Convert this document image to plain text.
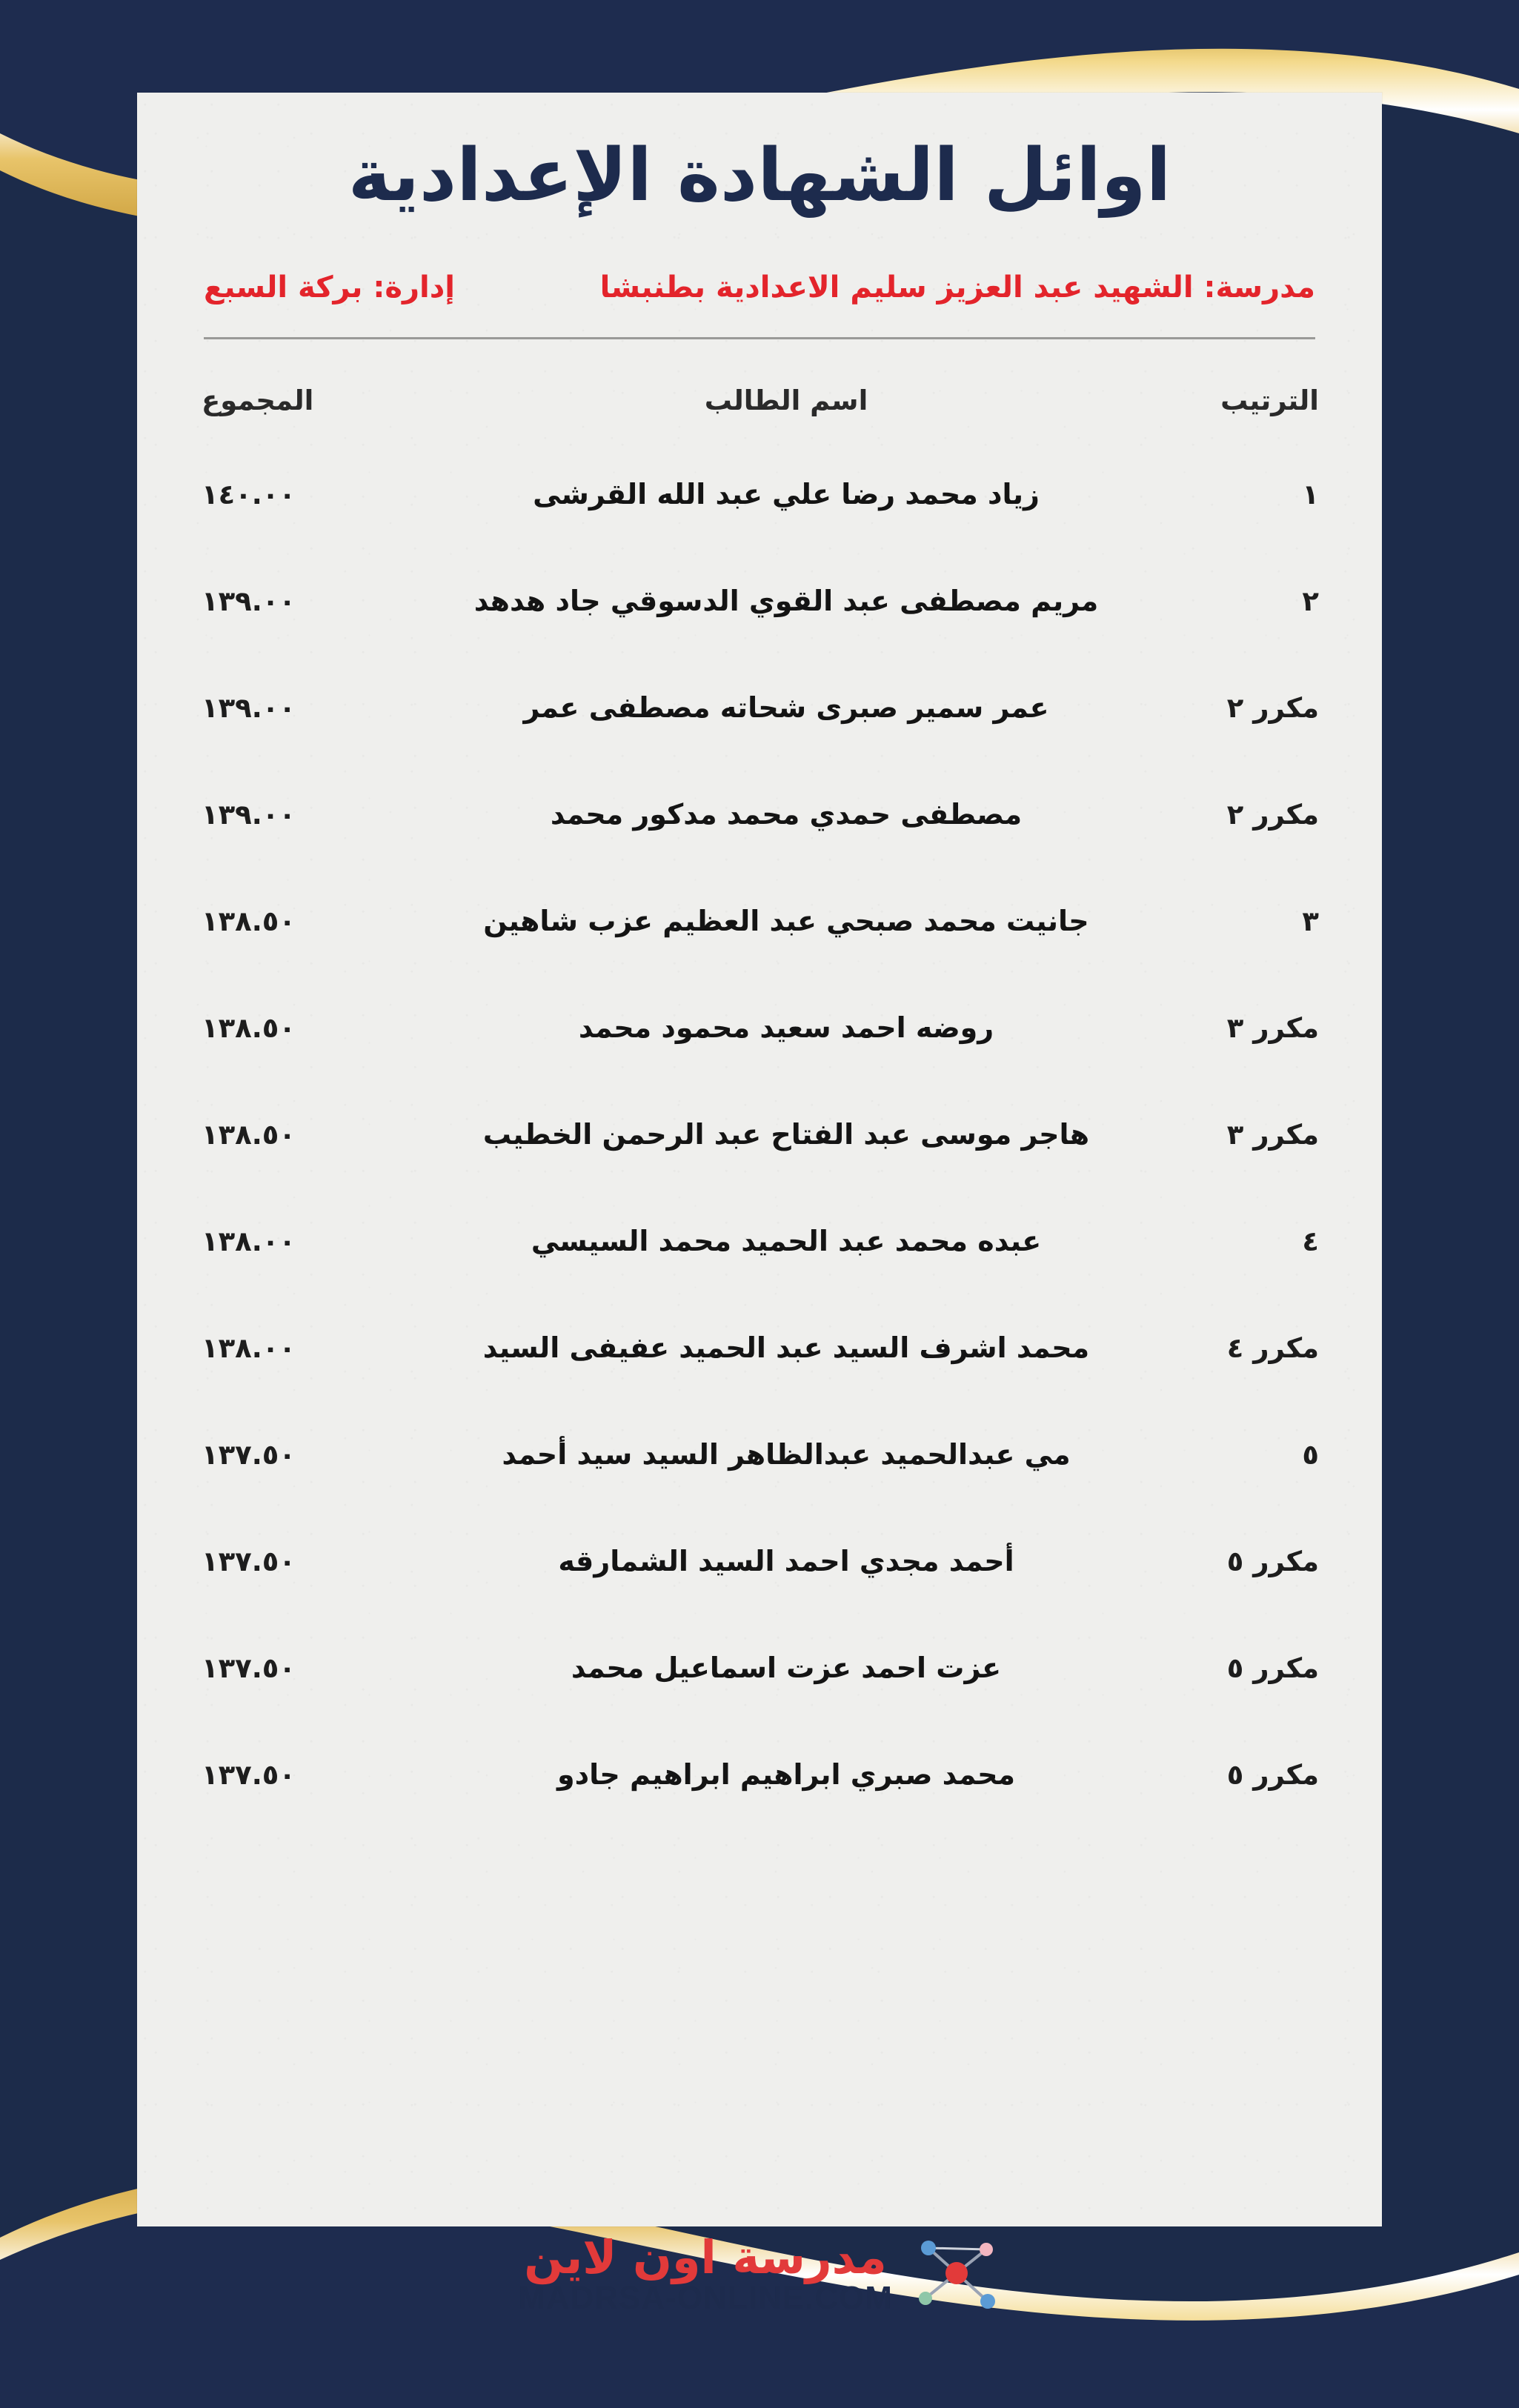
اوائل الشهادة الإعدادية
مدرسة: الشهيد عبد العزيز سليم الاعدادية بطنبشا
إدارة: بركة السبع
الترتيب
اسم الطالب
المجموع
١
زياد محمد رضا علي عبد الله القرشى
١٤٠.٠٠
٢
مريم مصطفى عبد القوي الدسوقي جاد هدهد
١٣٩.٠٠
مكرر ٢
عمر سمير صبرى شحاته مصطفى عمر
١٣٩.٠٠
مكرر ٢
مصطفى حمدي محمد مدكور محمد
١٣٩.٠٠
٣
جانيت محمد صبحي عبد العظيم عزب شاهين
١٣٨.٥٠
مكرر ٣
روضه احمد سعيد محمود محمد
١٣٨.٥٠
مكرر ٣
هاجر موسى عبد الفتاح عبد الرحمن الخطيب
١٣٨.٥٠
٤
عبده محمد عبد الحميد محمد السيسي
١٣٨.٠٠
مكرر ٤
محمد اشرف السيد عبد الحميد عفيفى السيد
١٣٨.٠٠
٥
مي عبدالحميد عبدالظاهر السيد سيد أحمد
١٣٧.٥٠
مكرر ٥
أحمد مجدي احمد السيد الشمارقه
١٣٧.٥٠
مكرر ٥
عزت احمد عزت اسماعيل محمد
١٣٧.٥٠
مكرر ٥
محمد صبري ابراهيم ابراهيم جادو
١٣٧.٥٠
مدرسة اون لاين
MADRSA-ONLINE.COM
